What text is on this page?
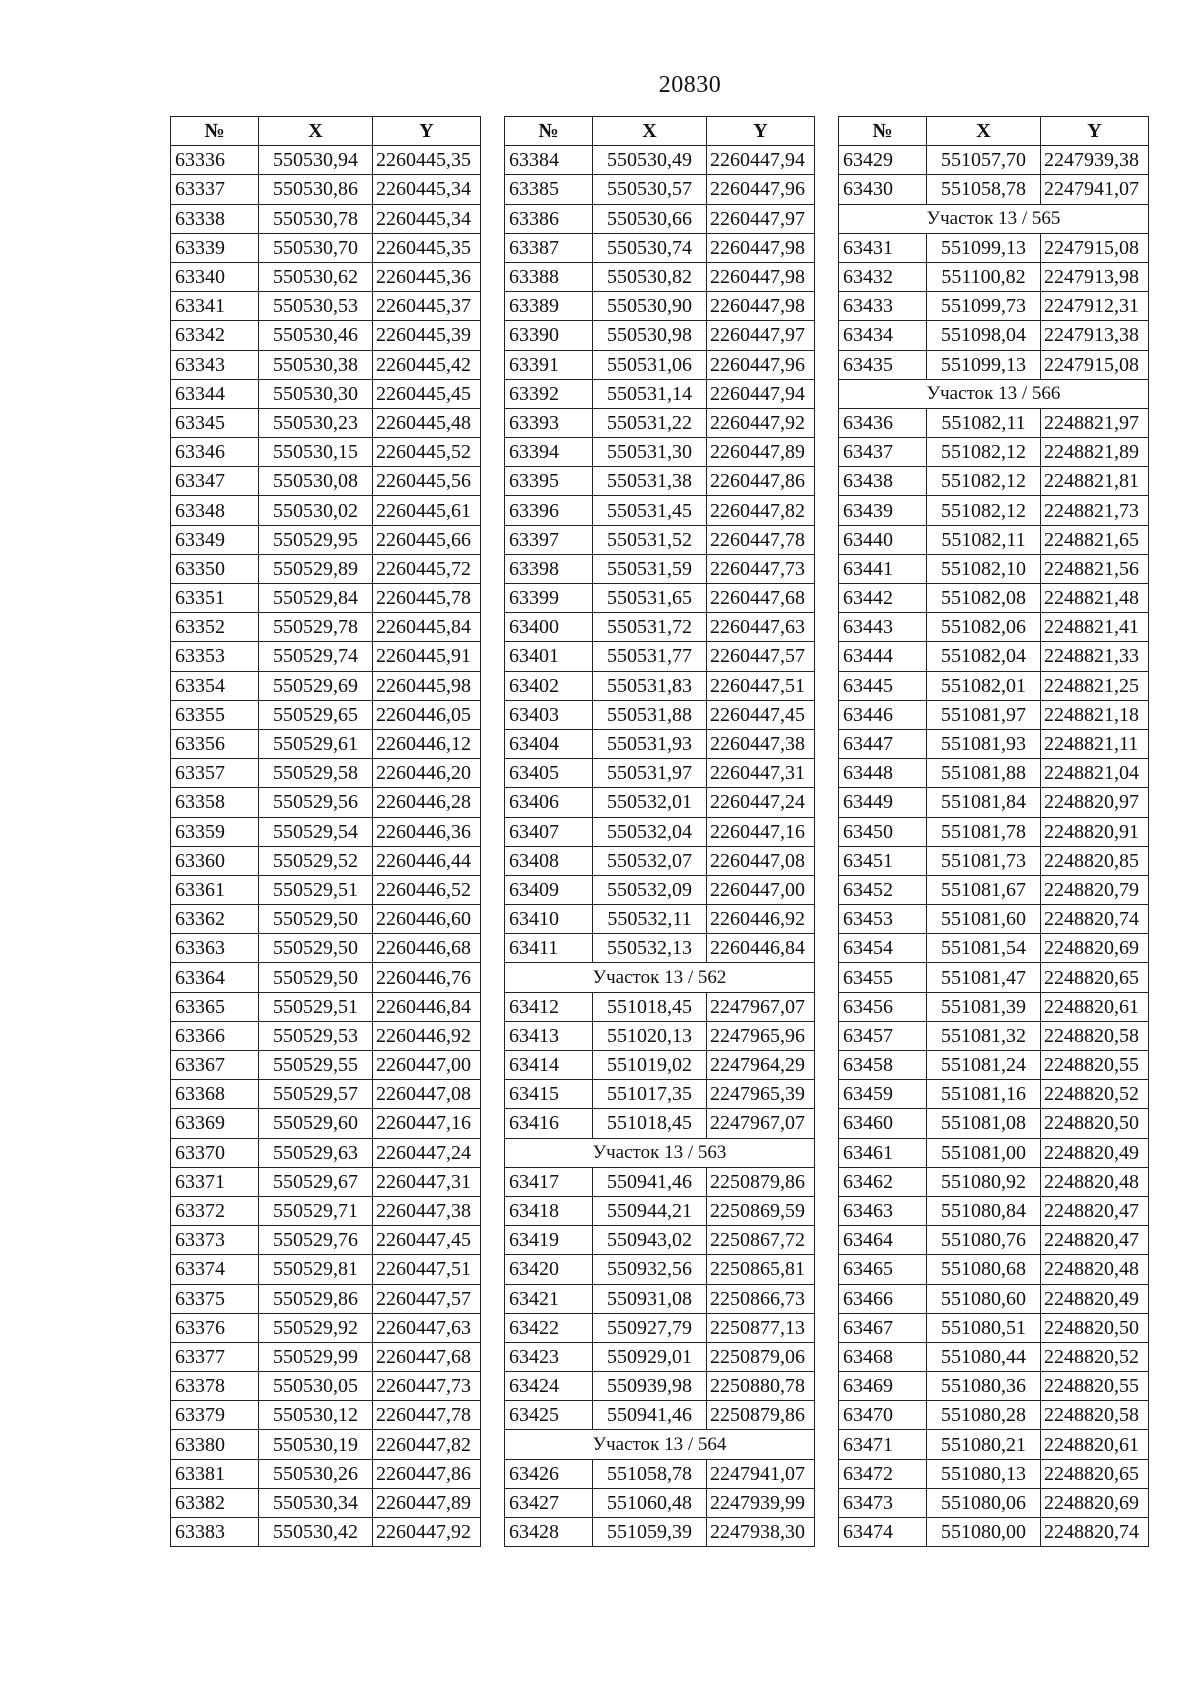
20830
№	X	Y
63336	550530,94	2260445,35
63337	550530,86	2260445,34
63338	550530,78	2260445,34
63339	550530,70	2260445,35
63340	550530,62	2260445,36
63341	550530,53	2260445,37
63342	550530,46	2260445,39
63343	550530,38	2260445,42
63344	550530,30	2260445,45
63345	550530,23	2260445,48
63346	550530,15	2260445,52
63347	550530,08	2260445,56
63348	550530,02	2260445,61
63349	550529,95	2260445,66
63350	550529,89	2260445,72
63351	550529,84	2260445,78
63352	550529,78	2260445,84
63353	550529,74	2260445,91
63354	550529,69	2260445,98
63355	550529,65	2260446,05
63356	550529,61	2260446,12
63357	550529,58	2260446,20
63358	550529,56	2260446,28
63359	550529,54	2260446,36
63360	550529,52	2260446,44
63361	550529,51	2260446,52
63362	550529,50	2260446,60
63363	550529,50	2260446,68
63364	550529,50	2260446,76
63365	550529,51	2260446,84
63366	550529,53	2260446,92
63367	550529,55	2260447,00
63368	550529,57	2260447,08
63369	550529,60	2260447,16
63370	550529,63	2260447,24
63371	550529,67	2260447,31
63372	550529,71	2260447,38
63373	550529,76	2260447,45
63374	550529,81	2260447,51
63375	550529,86	2260447,57
63376	550529,92	2260447,63
63377	550529,99	2260447,68
63378	550530,05	2260447,73
63379	550530,12	2260447,78
63380	550530,19	2260447,82
63381	550530,26	2260447,86
63382	550530,34	2260447,89
63383	550530,42	2260447,92
№	X	Y
63384	550530,49	2260447,94
63385	550530,57	2260447,96
63386	550530,66	2260447,97
63387	550530,74	2260447,98
63388	550530,82	2260447,98
63389	550530,90	2260447,98
63390	550530,98	2260447,97
63391	550531,06	2260447,96
63392	550531,14	2260447,94
63393	550531,22	2260447,92
63394	550531,30	2260447,89
63395	550531,38	2260447,86
63396	550531,45	2260447,82
63397	550531,52	2260447,78
63398	550531,59	2260447,73
63399	550531,65	2260447,68
63400	550531,72	2260447,63
63401	550531,77	2260447,57
63402	550531,83	2260447,51
63403	550531,88	2260447,45
63404	550531,93	2260447,38
63405	550531,97	2260447,31
63406	550532,01	2260447,24
63407	550532,04	2260447,16
63408	550532,07	2260447,08
63409	550532,09	2260447,00
63410	550532,11	2260446,92
63411	550532,13	2260446,84
Участок 13 / 562		
63412	551018,45	2247967,07
63413	551020,13	2247965,96
63414	551019,02	2247964,29
63415	551017,35	2247965,39
63416	551018,45	2247967,07
Участок 13 / 563		
63417	550941,46	2250879,86
63418	550944,21	2250869,59
63419	550943,02	2250867,72
63420	550932,56	2250865,81
63421	550931,08	2250866,73
63422	550927,79	2250877,13
63423	550929,01	2250879,06
63424	550939,98	2250880,78
63425	550941,46	2250879,86
Участок 13 / 564		
63426	551058,78	2247941,07
63427	551060,48	2247939,99
63428	551059,39	2247938,30
№	X	Y
63429	551057,70	2247939,38
63430	551058,78	2247941,07
Участок 13 / 565		
63431	551099,13	2247915,08
63432	551100,82	2247913,98
63433	551099,73	2247912,31
63434	551098,04	2247913,38
63435	551099,13	2247915,08
Участок 13 / 566		
63436	551082,11	2248821,97
63437	551082,12	2248821,89
63438	551082,12	2248821,81
63439	551082,12	2248821,73
63440	551082,11	2248821,65
63441	551082,10	2248821,56
63442	551082,08	2248821,48
63443	551082,06	2248821,41
63444	551082,04	2248821,33
63445	551082,01	2248821,25
63446	551081,97	2248821,18
63447	551081,93	2248821,11
63448	551081,88	2248821,04
63449	551081,84	2248820,97
63450	551081,78	2248820,91
63451	551081,73	2248820,85
63452	551081,67	2248820,79
63453	551081,60	2248820,74
63454	551081,54	2248820,69
63455	551081,47	2248820,65
63456	551081,39	2248820,61
63457	551081,32	2248820,58
63458	551081,24	2248820,55
63459	551081,16	2248820,52
63460	551081,08	2248820,50
63461	551081,00	2248820,49
63462	551080,92	2248820,48
63463	551080,84	2248820,47
63464	551080,76	2248820,47
63465	551080,68	2248820,48
63466	551080,60	2248820,49
63467	551080,51	2248820,50
63468	551080,44	2248820,52
63469	551080,36	2248820,55
63470	551080,28	2248820,58
63471	551080,21	2248820,61
63472	551080,13	2248820,65
63473	551080,06	2248820,69
63474	551080,00	2248820,74
